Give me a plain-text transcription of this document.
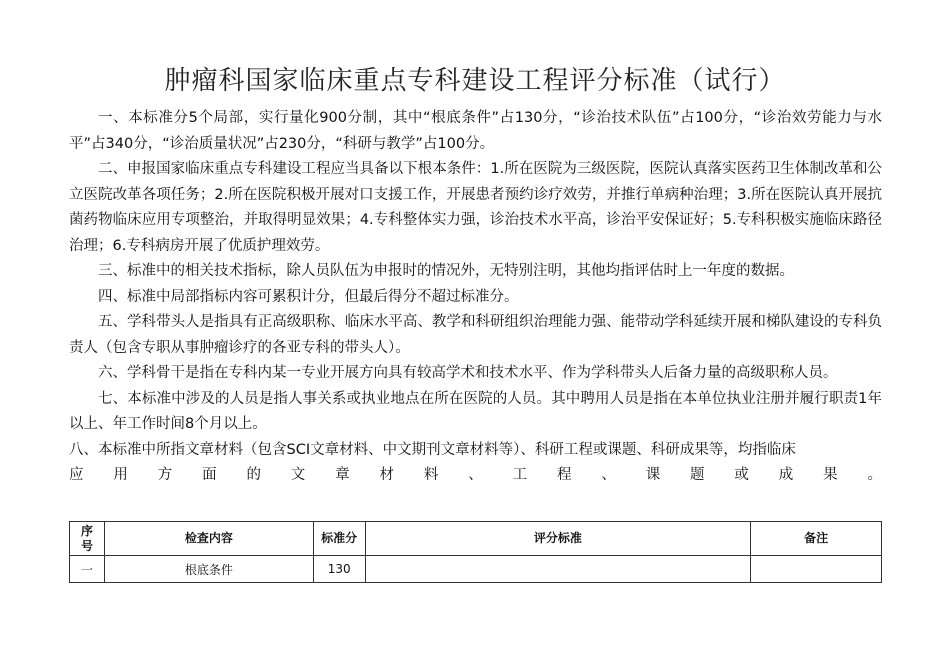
肿瘤科国家临床重点专科建设工程评分标准（试行）

一、本标准分5个局部，实行量化900分制，其中“根底条件”占130分，“诊治技术队伍”占100分，“诊治效劳能力与水平”占340分，“诊治质量状况”占230分，“科研与教学”占100分。

二、申报国家临床重点专科建设工程应当具备以下根本条件：1.所在医院为三级医院，医院认真落实医药卫生体制改革和公立医院改革各项任务；2.所在医院积极开展对口支援工作，开展患者预约诊疗效劳，并推行单病种治理；3.所在医院认真开展抗菌药物临床应用专项整治，并取得明显效果；4.专科整体实力强，诊治技术水平高，诊治平安保证好；5.专科积极实施临床路径治理；6.专科病房开展了优质护理效劳。

三、标准中的相关技术指标，除人员队伍为申报时的情况外，无特别注明，其他均指评估时上一年度的数据。

四、标准中局部指标内容可累积计分，但最后得分不超过标准分。

五、学科带头人是指具有正高级职称、临床水平高、教学和科研组织治理能力强、能带动学科延续开展和梯队建设的专科负责人（包含专职从事肿瘤诊疗的各亚专科的带头人）。

六、学科骨干是指在专科内某一专业开展方向具有较高学术和技术水平、作为学科带头人后备力量的高级职称人员。

七、本标准中涉及的人员是指人事关系或执业地点在所在医院的人员。其中聘用人员是指在本单位执业注册并履行职责1年以上、年工作时间8个月以上。

八、本标准中所指文章材料（包含SCI文章材料、中文期刊文章材料等）、科研工程或课题、科研成果等，均指临床

应用方面的文章材料、工程、课题或成果。

序号	检查内容	标准分	评分标准	备注
一	根底条件	130		
